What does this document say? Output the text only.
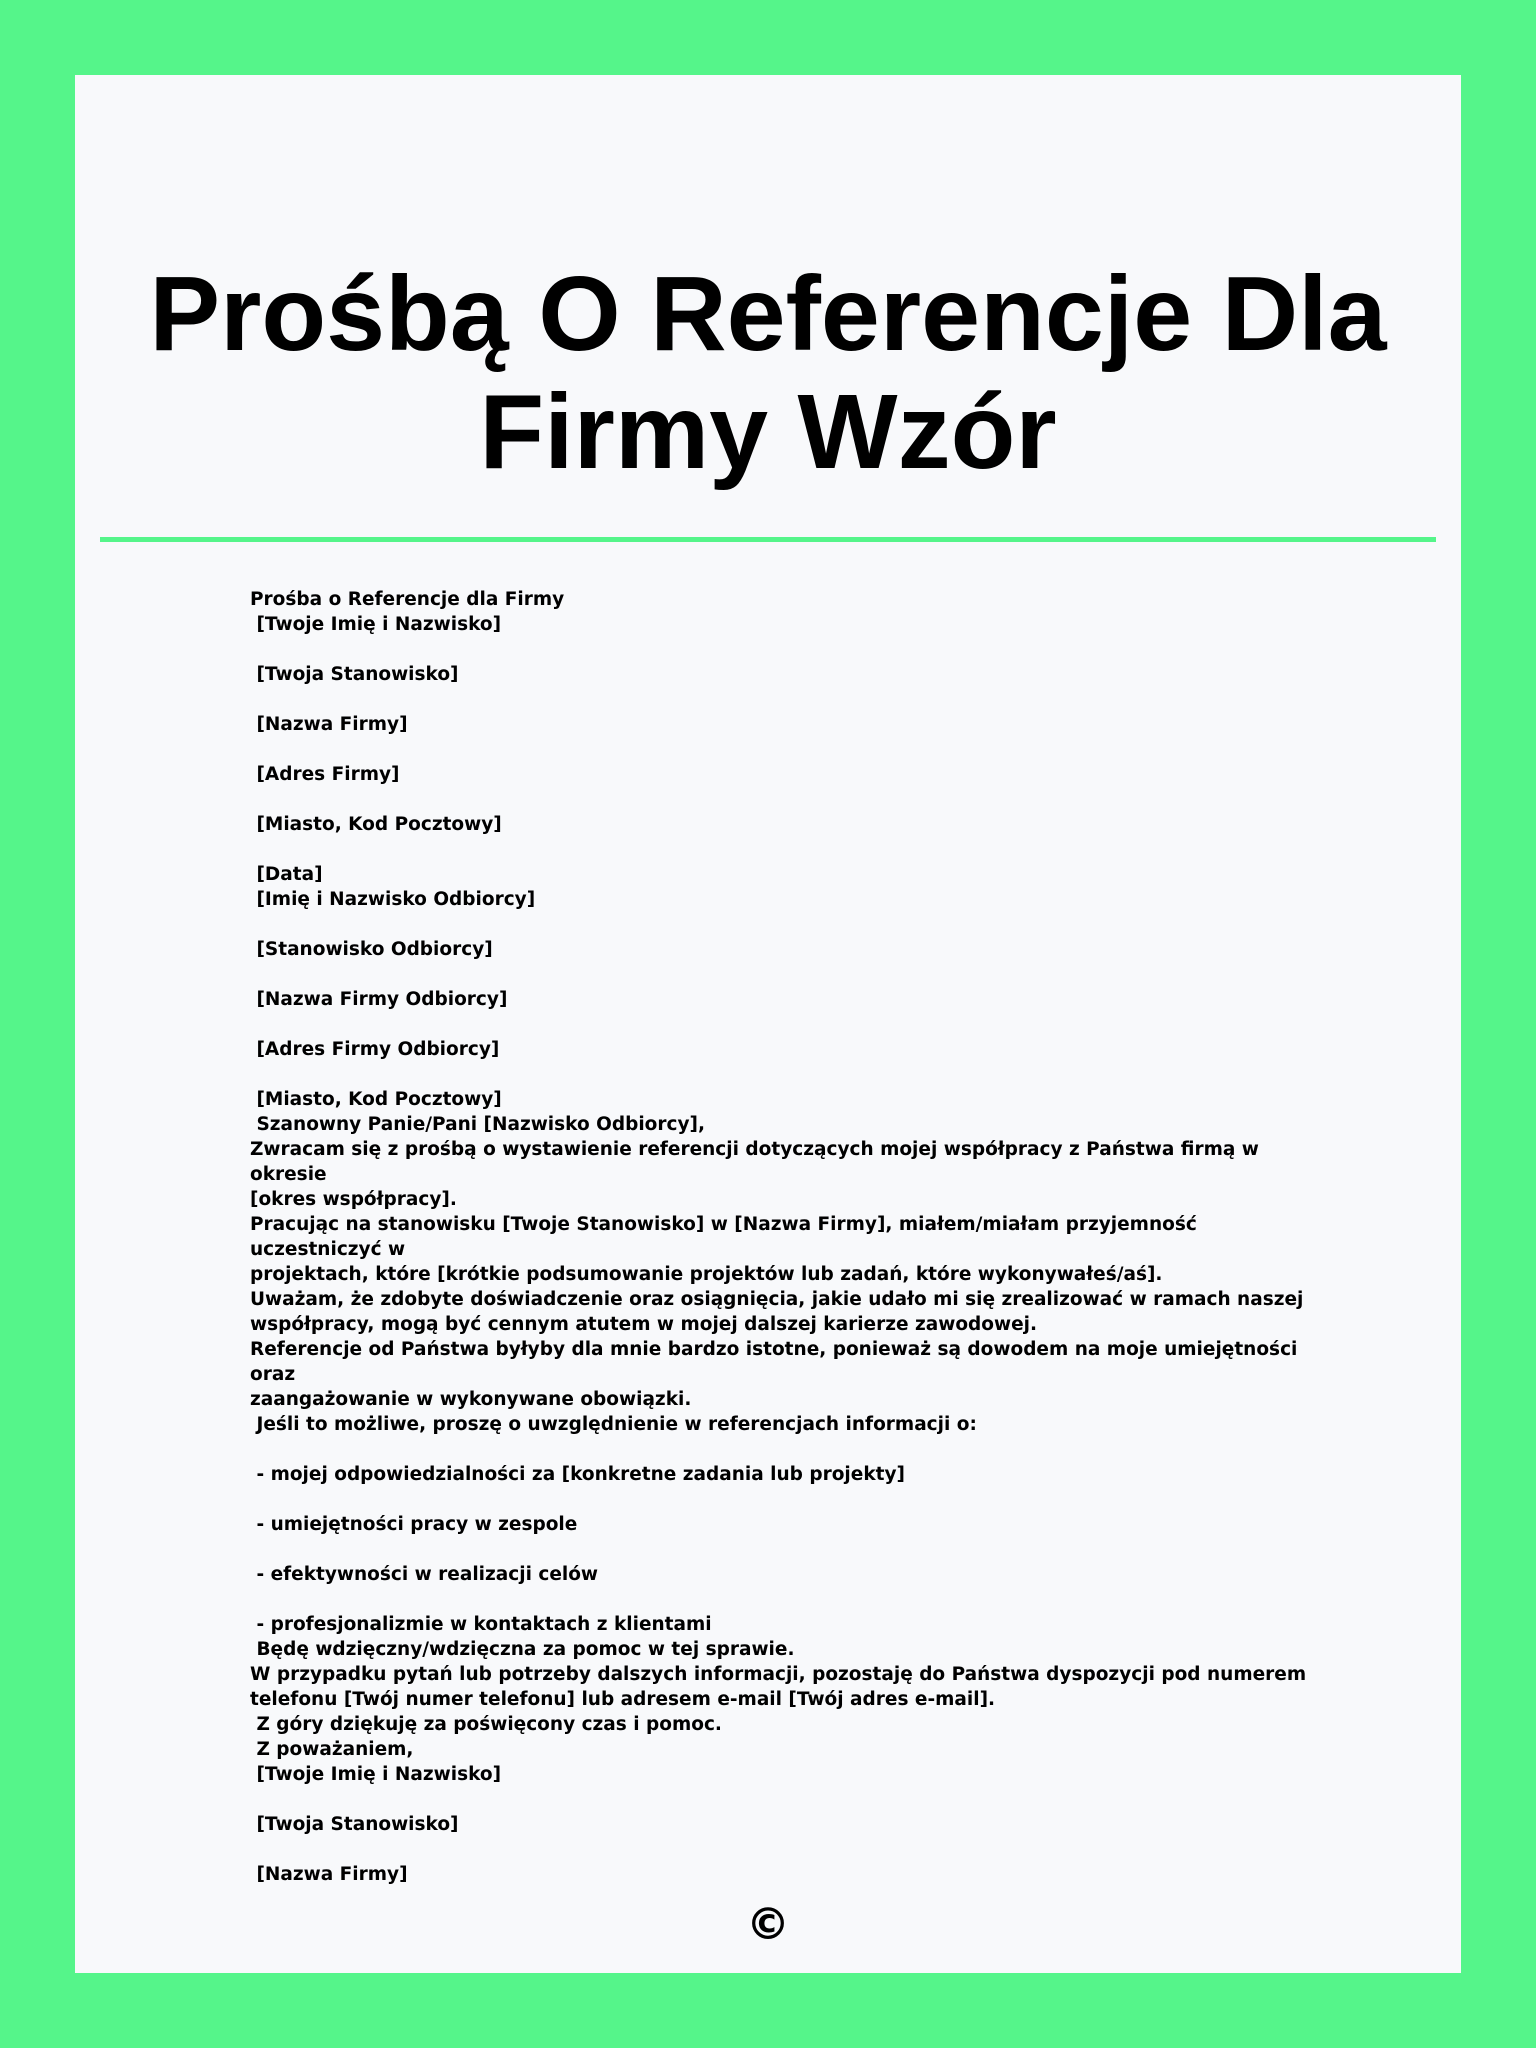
Prośbą O Referencje Dla Firmy Wzór
Prośba o Referencje dla Firmy
[Twoje Imię i Nazwisko]
[Twoja Stanowisko]
[Nazwa Firmy]
[Adres Firmy]
[Miasto, Kod Pocztowy]
[Data]
[Imię i Nazwisko Odbiorcy]
[Stanowisko Odbiorcy]
[Nazwa Firmy Odbiorcy]
[Adres Firmy Odbiorcy]
[Miasto, Kod Pocztowy]
Szanowny Panie/Pani [Nazwisko Odbiorcy],
Zwracam się z prośbą o wystawienie referencji dotyczących mojej współpracy z Państwa firmą w okresie
[okres współpracy].
Pracując na stanowisku [Twoje Stanowisko] w [Nazwa Firmy], miałem/miałam przyjemność uczestniczyć w
projektach, które [krótkie podsumowanie projektów lub zadań, które wykonywałeś/aś].
Uważam, że zdobyte doświadczenie oraz osiągnięcia, jakie udało mi się zrealizować w ramach naszej
współpracy, mogą być cennym atutem w mojej dalszej karierze zawodowej.
Referencje od Państwa byłyby dla mnie bardzo istotne, ponieważ są dowodem na moje umiejętności oraz
zaangażowanie w wykonywane obowiązki.
Jeśli to możliwe, proszę o uwzględnienie w referencjach informacji o:
- mojej odpowiedzialności za [konkretne zadania lub projekty]
- umiejętności pracy w zespole
- efektywności w realizacji celów
- profesjonalizmie w kontaktach z klientami
Będę wdzięczny/wdzięczna za pomoc w tej sprawie.
W przypadku pytań lub potrzeby dalszych informacji, pozostaję do Państwa dyspozycji pod numerem
telefonu [Twój numer telefonu] lub adresem e-mail [Twój adres e-mail].
Z góry dziękuję za poświęcony czas i pomoc.
Z poważaniem,
[Twoje Imię i Nazwisko]
[Twoja Stanowisko]
[Nazwa Firmy]
©
